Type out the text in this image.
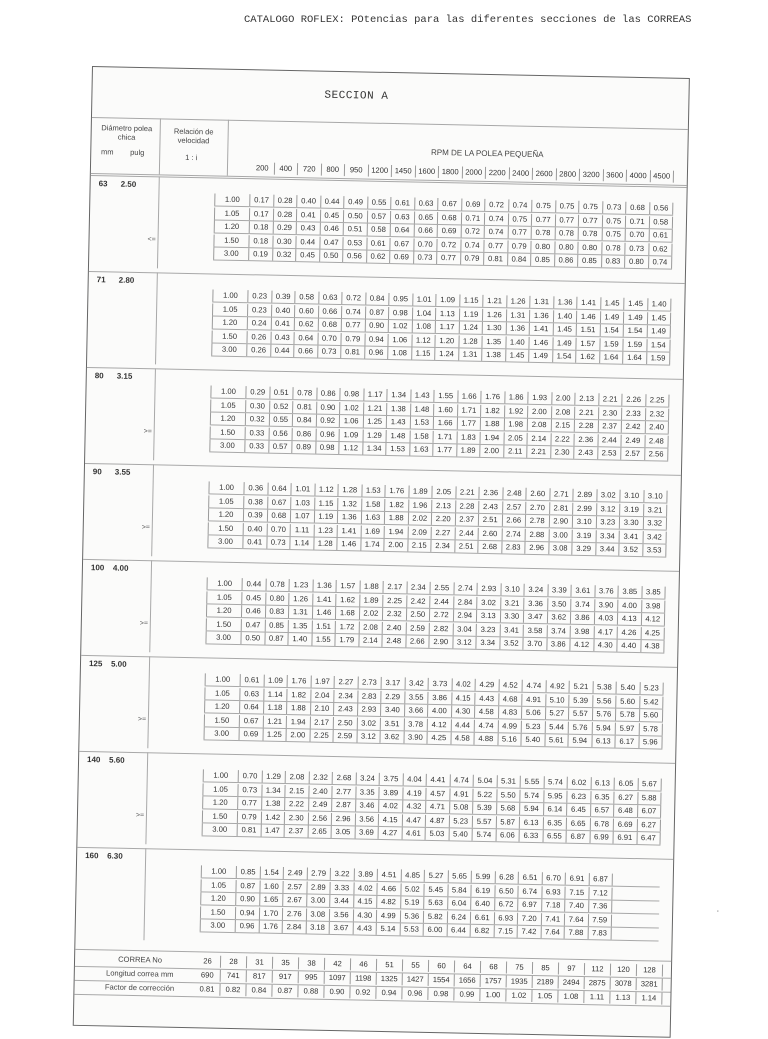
CATALOGO ROFLEX: POtencias para las diferentes secciones de las CORREAS
SECCION A
Diámetro polea chica
mm	pulg
Relación de velocidad
1 : i	RPM DE LA POLEA PEQUEÑA
200	400	720	800	950	1200 1450 1600 1800 2000 2200 2400 2600 2800 3200 3600 4000 4500
63 2.50
<=
1.00	0.17	0.28	0.40	0.44	0.49	0.55	0.61	0.63	0.67	0.69	0.72	0.74	0.75	0.75	0.75	0.73	0.68	0.56
1.05	0.17	0.28	0.41	0.45	0.50	0.57	0.63	0.65	0.68	0.71	0.74	0.75	0.77	0.77	0.77	0.75	0.71	0.58
1.20	0.18	0.29	0.43	0.46	0.51	0.58	0.64	0.66	0.69	0.72	0.74	0.77	0.78	0.78	0.78	0.75	0.70	0.61
1.50	0.18	0.30	0.44	0.47	0.53	0.61	0.67	0.70	0.72	0.74	0.77	0.79	0.80	0.80	0.80	0.78	0.73	0.62
3.00	0.19	0.32	0.45	0.50	0.56	0.62	0.69	0.73	0.77	0.79	0.81	0.84	0.85	0.86	0.85	0.83	0.80	0.74
71 2.80
1.00	0.23	0.39	0.58	0.63	0.72	0.84	0.95	1.01	1.09	1.15	1.21	1.26	1.31	1.36	1.41	1.45	1.45	1.40
1.05	0.23	0.40	0.60	0.66	0.74	0.87	0.98	1.04	1.13	1.19	1.26	1.31	1.36	1.40	1.46	1.49	1.49	1.45
1.20	0.24	0.41	0.62	0.68	0.77	0.90	1.02	1.08	1.17	1.24	1.30	1.36	1.41	1.45	1.51	1.54	1.54	1.49
1.50	0.26	0.43	0.64	0.70	0.79	0.94	1.06	1.12	1.20	1.28	1.35	1.40	1.46	1.49	1.57	1.59	1.59	1.54
3.00	0.26	0.44	0.66	0.73	0.81	0.96	1.08	1.15	1.24	1.31	1.38	1.45	1.49	1.54	1.62	1.64	1.64	1.59
80 3.15
>=
1.00	0.29	0.51	0.78	0.86	0.98	1.17	1.34	1.43	1.55	1.66	1.76	1.86	1.93	2.00	2.13	2.21	2.26	2.25
1.05	0.30	0.52	0.81	0.90	1.02	1.21	1.38	1.48	1.60	1.71	1.82	1.92	2.00	2.08	2.21	2.30	2.33	2.32
1.20	0.32	0.55	0.84	0.92	1.06	1.25	1.43	1.53	1.66	1.77	1.88	1.98	2.08	2.15	2.28	2.37	2.42	2.40
1.50	0.33	0.56	0.86	0.96	1.09	1.29	1.48	1.58	1.71	1.83	1.94	2.05	2.14	2.22	2.36	2.44	2.49	2.48
3.00	0.33	0.57	0.89	0.98	1.12	1.34	1.53	1.63	1.77	1.89	2.00	2.11	2.21	2.30	2.43	2.53	2.57	2.56
90 3.55
>=
1.00	0.36	0.64	1.01	1.12	1.28	1.53	1.76	1.89	2.05	2.21	2.36	2.48	2.60	2.71	2.89	3.02	3.10	3.10
1.05	0.38	0.67	1.03	1.15	1.32	1.58	1.82	1.96	2.13	2.28	2.43	2.57	2.70	2.81	2.99	3.12	3.19	3.21
1.20	0.39	0.68	1.07	1.19	1.36	1.63	1.88	2.02	2.20	2.37	2.51	2.66	2.78	2.90	3.10	3.23	3.30	3.32
1.50	0.40	0.70	1.11	1.23	1.41	1.69	1.94	2.09	2.27	2.44	2.60	2.74	2.88	3.00	3.19	3.34	3.41	3.42
3.00	0.41	0.73	1.14	1.28	1.46	1.74	2.00	2.15	2.34	2.51	2.68	2.83	2.96	3.08	3.29	3.44	3.52	3.53
100 4.00
>=
1.00	0.44	0.78	1.23	1.36	1.57	1.88	2.17	2.34	2.55	2.74	2.93	3.10	3.24	3.39	3.61	3.76	3.85	3.85
1.05	0.45	0.80	1.26	1.41	1.62	1.89	2.25	2.42	2.44	2.84	3.02	3.21	3.36	3.50	3.74	3.90	4.00	3.98
1.20	0.46	0.83	1.31	1.46	1.68	2.02	2.32	2.50	2.72	2.94	3.13	3.30	3.47	3.62	3.86	4.03	4.13	4.12
1.50	0.47	0.85	1.35	1.51	1.72	2.08	2.40	2.59	2.82	3.04	3.23	3.41	3.58	3.74	3.98	4.17	4.26	4.25
3.00	0.50	0.87	1.40	1.55	1.79	2.14	2.48	2.66	2.90	3.12	3.34	3.52	3.70	3.86	4.12	4.30	4.40	4.38
125 5.00
>=
1.00	0.61	1.09	1.76	1.97	2.27	2.73	3.17	3.42	3.73	4.02	4.29	4.52	4.74	4.92	5.21	5.38	5.40	5.23
1.05	0.63	1.14	1.82	2.04	2.34	2.83	2.29	3.55	3.86	4.15	4.43	4.68	4.91	5.10	5.39	5.56	5.60	5.42
1.20	0.64	1.18	1.88	2.10	2.43	2.93	3.40	3.66	4.00	4.30	4.58	4.83	5.06	5.27	5.57	5.76	5.78	5.60
1.50	0.67	1.21	1.94	2.17	2.50	3.02	3.51	3.78	4.12	4.44	4.74	4.99	5.23	5.44	5.76	5.94	5.97	5.78
3.00	0.69	1.25	2.00	2.25	2.59	3.12	3.62	3.90	4.25	4.58	4.88	5.16	5.40	5.61	5.94	6.13	6.17	5.96
140 5.60
>=
1.00	0.70	1.29	2.08	2.32	2.68	3.24	3.75	4.04	4.41	4.74	5.04	5.31	5.55	5.74	6.02	6.13	6.05	5.67
1.05	0.73	1.34	2.15	2.40	2.77	3.35	3.89	4.19	4.57	4.91	5.22	5.50	5.74	5.95	6.23	6.35	6.27	5.88
1.20	0.77	1.38	2.22	2.49	2.87	3.46	4.02	4.32	4.71	5.08	5.39	5.68	5.94	6.14	6.45	6.57	6.48	6.07
1.50	0.79	1.42	2.30	2.56	2.96	3.56	4.15	4.47	4.87	5.23	5.57	5.87	6.13	6.35	6.65	6.78	6.69	6.27
3.00	0.81	1.47	2.37	2.65	3.05	3.69	4.27	4.61	5.03	5.40	5.74	6.06	6.33	6.55	6.87	6.99	6.91	6.47
160 6.30
1.00	0.85	1.54	2.49	2.79	3.22	3.89	4.51	4.85	5.27	5.65	5.99	6.28	6.51	6.70	6.91	6.87
1.05	0.87	1.60	2.57	2.89	3.33	4.02	4.66	5.02	5.45	5.84	6.19	6.50	6.74	6.93	7.15	7.12
1.20	0.90	1.65	2.67	3.00	3.44	4.15	4.82	5.19	5.63	6.04	6.40	6.72	6.97	7.18	7.40	7.36
1.50	0.94	1.70	2.76	3.08	3.56	4.30	4.99	5.36	5.82	6.24	6.61	6.93	7.20	7.41	7.64	7.59
3.00	0.96	1.76	2.84	3.18	3.67	4.43	5.14	5.53	6.00	6.44	6.82	7.15	7.42	7.64	7.88	7.83
CORREA No	26	28	31	35	38	42	46	51	55	60	64	68	75	85	97	112	120	128
Longitud correa mm	690	741	817	917	995	1097	1198	1325	1427	1554	1656	1757	1935	2189	2494	2875	3078	3281
Factor de corrección	0.81	0.82	0.84	0.87	0.88	0.90	0.92	0.94	0.96	0.98	0.99	1.00	1.02	1.05	1.08	1.11	1.13	1.14
·
